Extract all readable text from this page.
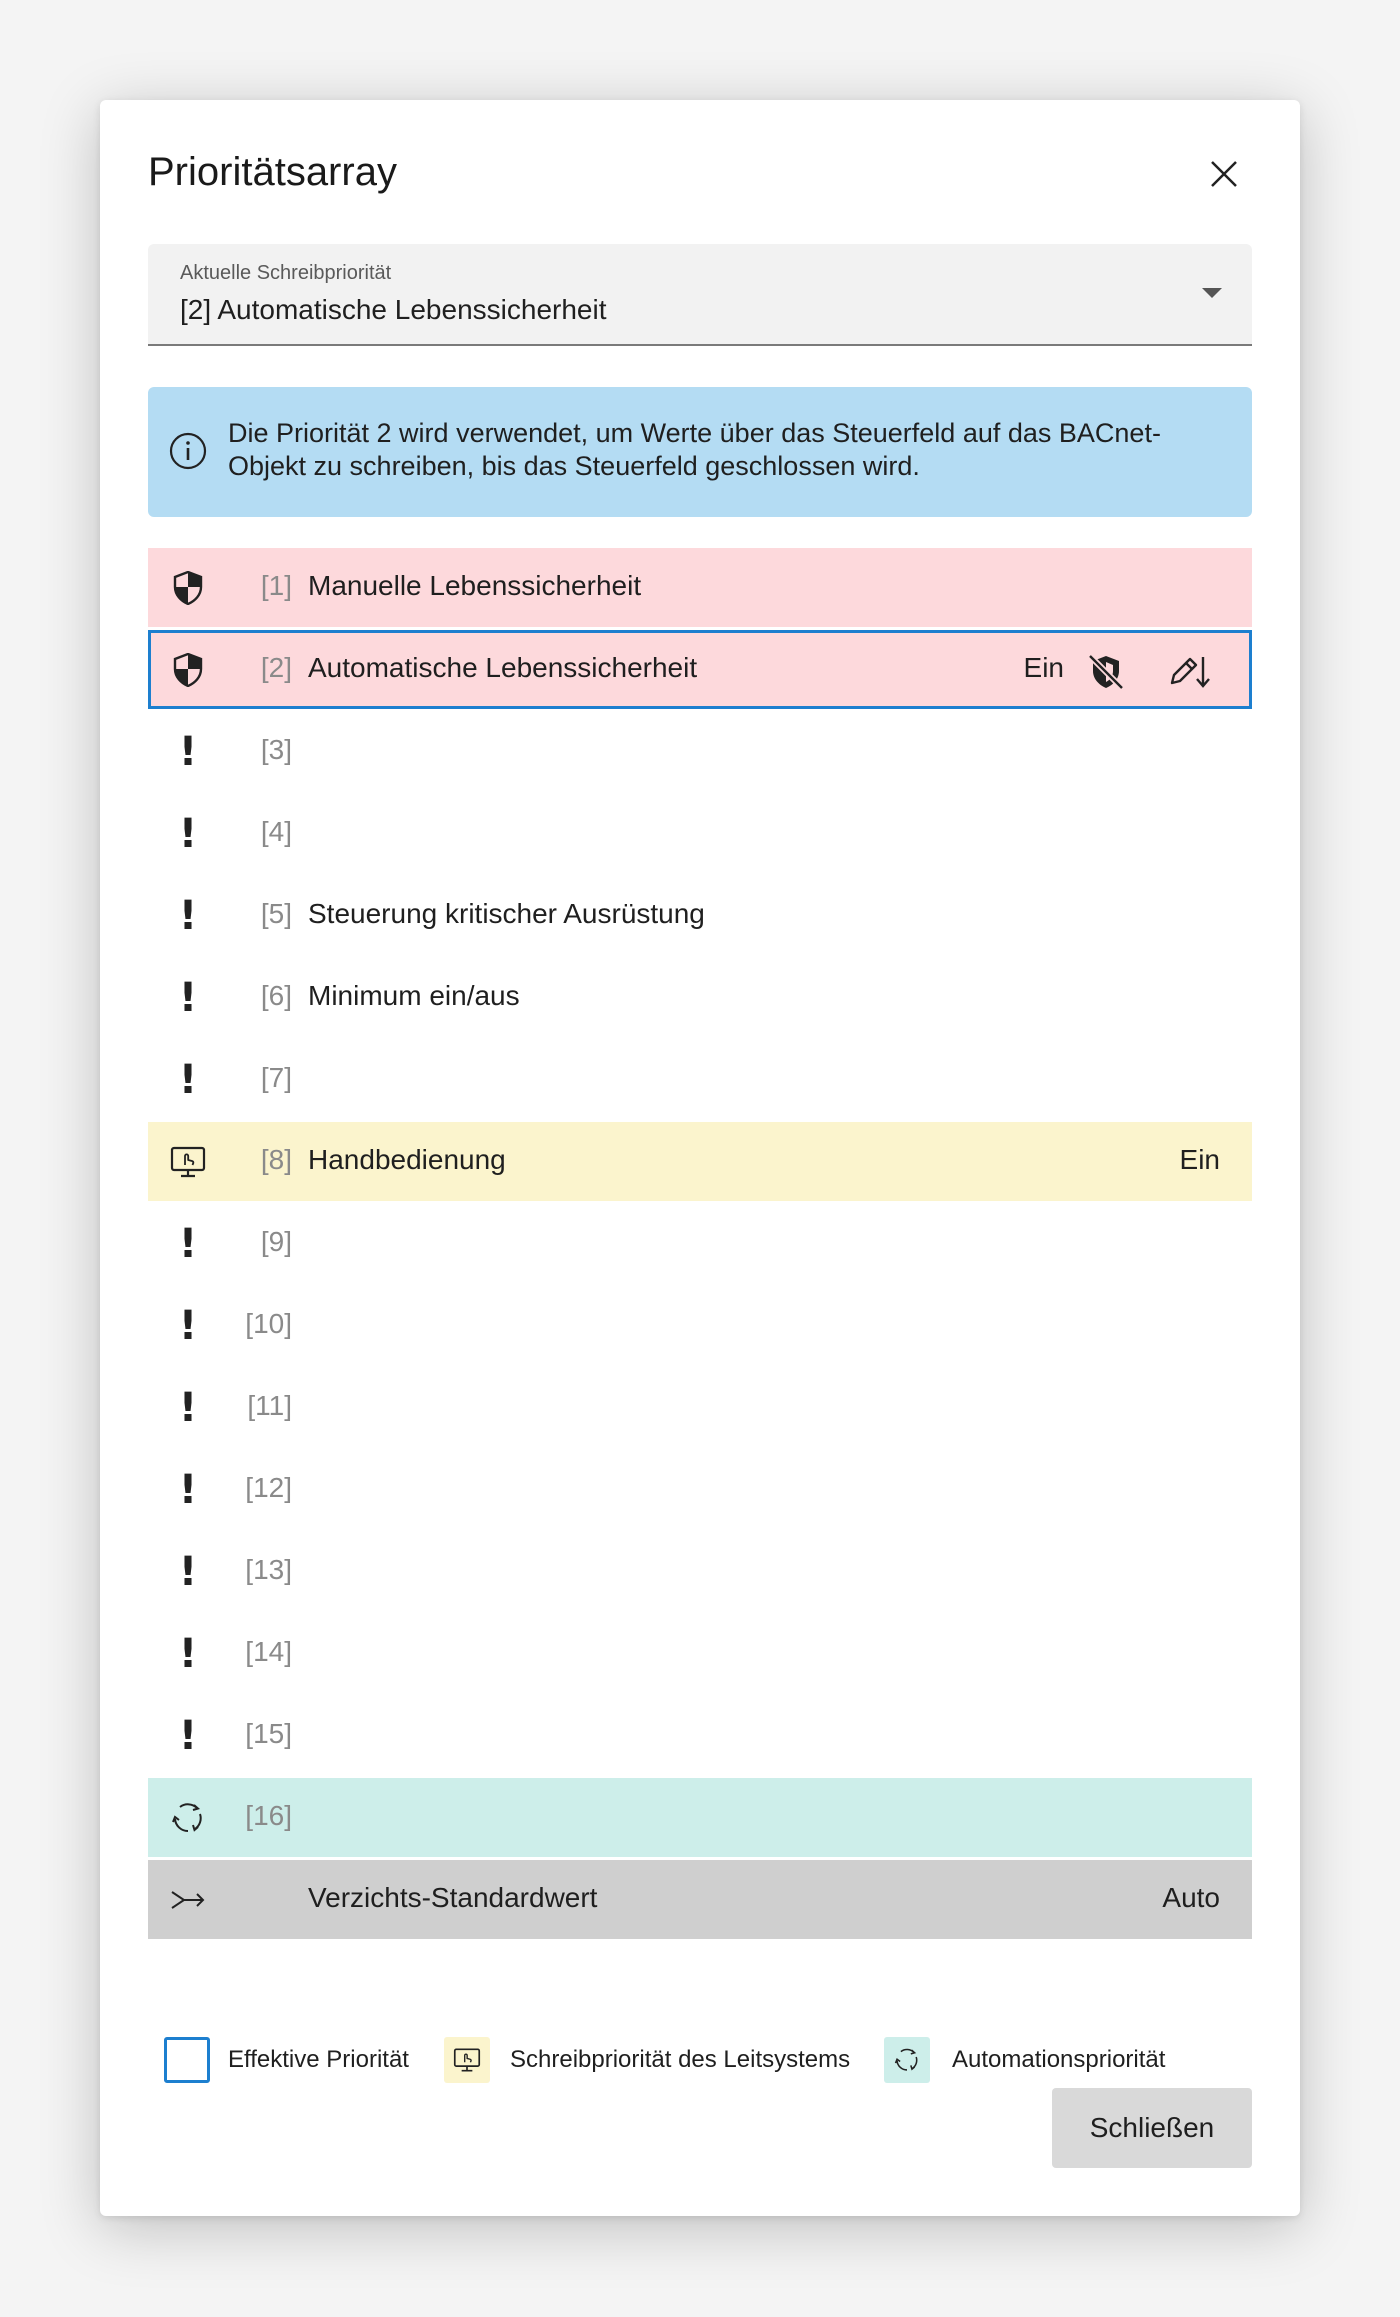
Prioritätsarray
Aktuelle Schreibpriorität
[2] Automatische Lebenssicherheit
Die Priorität 2 wird verwendet, um Werte über das Steuerfeld auf das BACnet-Objekt zu schreiben, bis das Steuerfeld geschlossen wird.
[1] Manuelle Lebenssicherheit
[2] Automatische Lebenssicherheit	Ein
! [3]
! [4]
! [5] Steuerung kritischer Ausrüstung
! [6] Minimum ein/aus
! [7]
[8] Handbedienung	Ein
! [9]
! [10]
! [11]
! [12]
! [13]
! [14]
! [15]
[16]
Verzichts-Standardwert	Auto
Effektive Priorität	Schreibpriorität des Leitsystems	Automationspriorität
Schließen
